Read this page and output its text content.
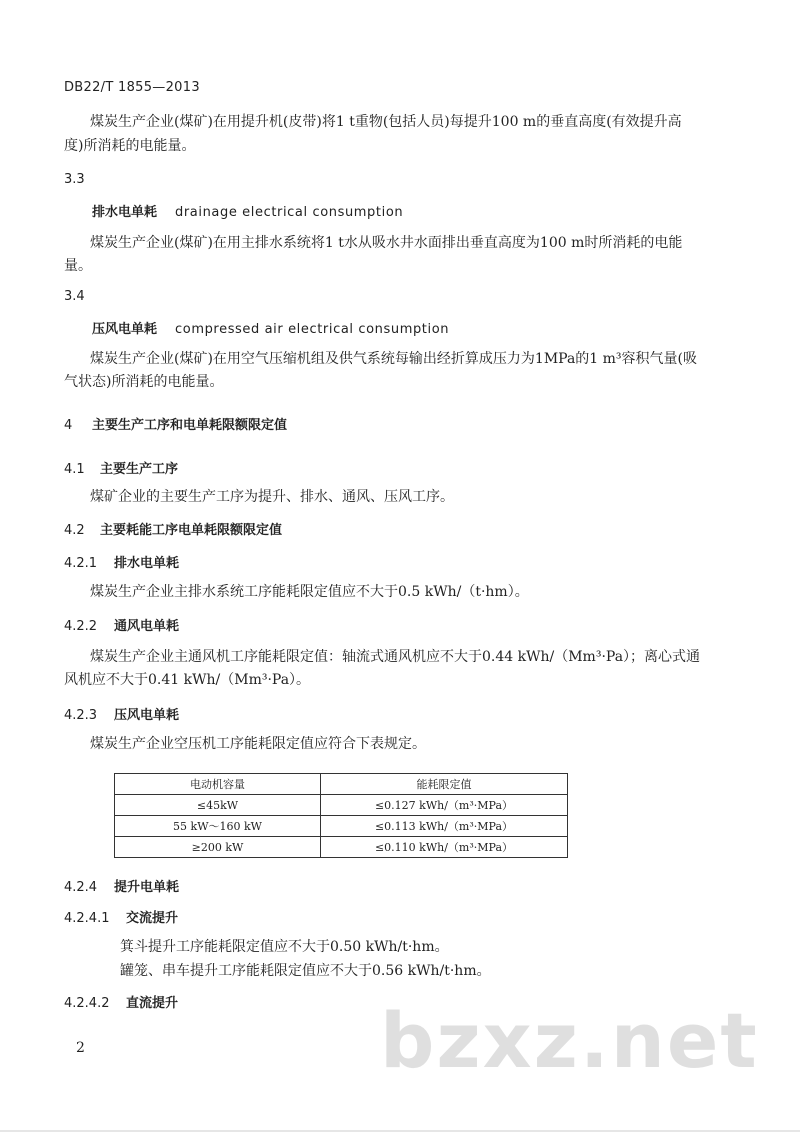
DB22/T 1855—2013
煤炭生产企业(煤矿)在用提升机(皮带)将1 t重物(包括人员)每提升100 m的垂直高度(有效提升高
度)所消耗的电能量。
3.3
排水电单耗 drainage electrical consumption
煤炭生产企业(煤矿)在用主排水系统将1 t水从吸水井水面排出垂直高度为100 m时所消耗的电能
量。
3.4
压风电单耗 compressed air electrical consumption
煤炭生产企业(煤矿)在用空气压缩机组及供气系统每输出经折算成压力为1MPa的1 m³容积气量(吸
气状态)所消耗的电能量。
4 主要生产工序和电单耗限额限定值
4.1 主要生产工序
煤矿企业的主要生产工序为提升、排水、通风、压风工序。
4.2 主要耗能工序电单耗限额限定值
4.2.1 排水电单耗
煤炭生产企业主排水系统工序能耗限定值应不大于0.5 kWh/（t·hm）。
4.2.2 通风电单耗
煤炭生产企业主通风机工序能耗限定值：轴流式通风机应不大于0.44 kWh/（Mm³·Pa）；离心式通
风机应不大于0.41 kWh/（Mm³·Pa）。
4.2.3 压风电单耗
煤炭生产企业空压机工序能耗限定值应符合下表规定。
电动机容量	能耗限定值
≤45kW	≤0.127 kWh/（m³·MPa）
55 kW～160 kW	≤0.113 kWh/（m³·MPa）
≥200 kW	≤0.110 kWh/（m³·MPa）
4.2.4 提升电单耗
4.2.4.1 交流提升
箕斗提升工序能耗限定值应不大于0.50 kWh/t·hm。
罐笼、串车提升工序能耗限定值应不大于0.56 kWh/t·hm。
4.2.4.2 直流提升	bzxz.net
2
